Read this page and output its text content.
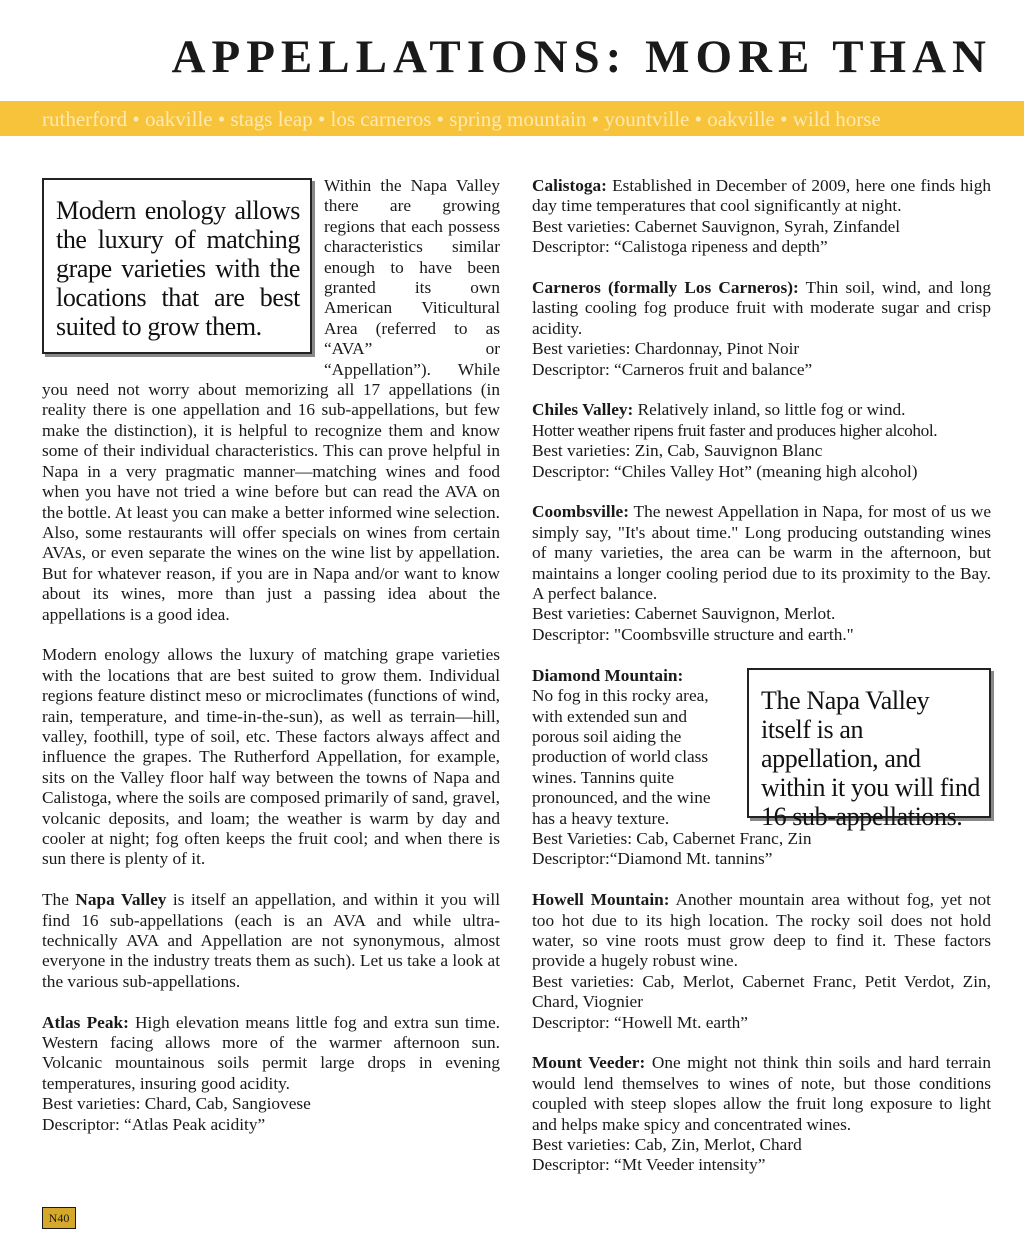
APPELLATIONS: MORE THAN
rutherford • oakville • stags leap • los carneros • spring mountain • yountville • oakville • wild horse

Modern enology allows the luxury of matching grape varieties with the locations that are best suited to grow them.
Within the Napa Valley there are growing regions that each possess characteristics similar enough to have been granted its own American Viticultural Area (referred to as “AVA” or “Appellation”). While you need not worry about memorizing all 17 appellations (in reality there is one appellation and 16 sub-appellations, but few make the distinction), it is helpful to recognize them and know some of their individual characteristics. This can prove helpful in Napa in a very pragmatic manner—matching wines and food when you have not tried a wine before but can read the AVA on the bottle. At least you can make a better informed wine selection. Also, some restaurants will offer specials on wines from certain AVAs, or even separate the wines on the wine list by appellation. But for whatever reason, if you are in Napa and/or want to know about its wines, more than just a passing idea about the appellations is a good idea.

Modern enology allows the luxury of matching grape varieties with the locations that are best suited to grow them. Individual regions feature distinct meso or microclimates (functions of wind, rain, temperature, and time-in-the-sun), as well as terrain—hill, valley, foothill, type of soil, etc. These factors always affect and influence the grapes. The Rutherford Appellation, for example, sits on the Valley floor half way between the towns of Napa and Calistoga, where the soils are composed primarily of sand, gravel, volcanic deposits, and loam; the weather is warm by day and cooler at night; fog often keeps the fruit cool; and when there is sun there is plenty of it.

The Napa Valley is itself an appellation, and within it you will find 16 sub-appellations (each is an AVA and while ultra-technically AVA and Appellation are not synonymous, almost everyone in the industry treats them as such). Let us take a look at the various sub-appellations.

Atlas Peak: High elevation means little fog and extra sun time. Western facing allows more of the warmer afternoon sun. Volcanic mountainous soils permit large drops in evening temperatures, insuring good acidity.
Best varieties: Chard, Cab, Sangiovese
Descriptor: “Atlas Peak acidity”

Calistoga: Established in December of 2009, here one finds high day time temperatures that cool significantly at night.
Best varieties: Cabernet Sauvignon, Syrah, Zinfandel
Descriptor: “Calistoga ripeness and depth”

Carneros (formally Los Carneros): Thin soil, wind, and long lasting cooling fog produce fruit with moderate sugar and crisp acidity.
Best varieties: Chardonnay, Pinot Noir
Descriptor: “Carneros fruit and balance”

Chiles Valley: Relatively inland, so little fog or wind.
Hotter weather ripens fruit faster and produces higher alcohol.
Best varieties: Zin, Cab, Sauvignon Blanc
Descriptor: “Chiles Valley Hot” (meaning high alcohol)

Coombsville: The newest Appellation in Napa, for most of us we simply say, "It's about time." Long producing outstanding wines of many varieties, the area can be warm in the afternoon, but maintains a longer cooling period due to its proximity to the Bay. A perfect balance.
Best varieties: Cabernet Sauvignon, Merlot.
Descriptor: "Coombsville structure and earth."

The Napa Valley itself is an appellation, and within it you will find 16 sub-appellations.
Diamond Mountain:
No fog in this rocky area, with extended sun and porous soil aiding the production of world class wines. Tannins quite pronounced, and the wine has a heavy texture.
Best Varieties: Cab, Cabernet Franc, Zin
Descriptor:“Diamond Mt. tannins”

Howell Mountain: Another mountain area without fog, yet not too hot due to its high location. The rocky soil does not hold water, so vine roots must grow deep to find it. These factors provide a hugely robust wine.
Best varieties: Cab, Merlot, Cabernet Franc, Petit Verdot, Zin, Chard, Viognier
Descriptor: “Howell Mt. earth”

Mount Veeder: One might not think thin soils and hard terrain would lend themselves to wines of note, but those conditions coupled with steep slopes allow the fruit long exposure to light and helps make spicy and concentrated wines.
Best varieties: Cab, Zin, Merlot, Chard
Descriptor: “Mt Veeder intensity”

N40
